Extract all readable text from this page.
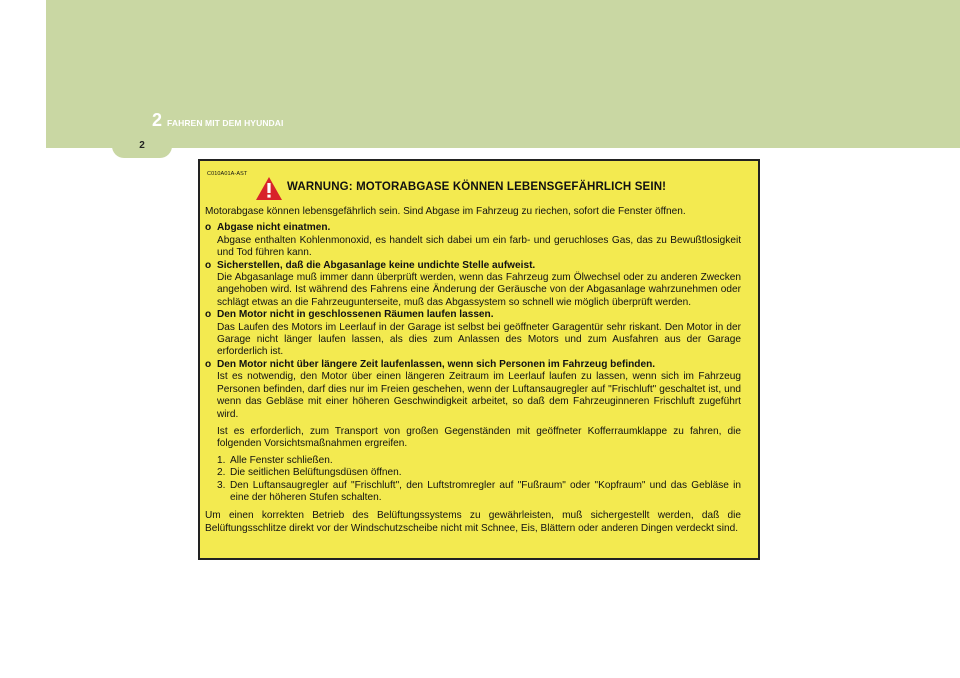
2 FAHREN MIT DEM HYUNDAI
2
C010A01A-AST
WARNUNG: MOTORABGASE KÖNNEN LEBENSGEFÄHRLICH SEIN!

Motorabgase können lebensgefährlich sein. Sind Abgase im Fahrzeug zu riechen, sofort die Fenster öffnen.

o Abgase nicht einatmen.

Abgase enthalten Kohlenmonoxid, es handelt sich dabei um ein farb- und geruchloses Gas, das zu Bewußtlosigkeit und Tod führen kann.

o Sicherstellen, daß die Abgasanlage keine undichte Stelle aufweist.

Die Abgasanlage muß immer dann überprüft werden, wenn das Fahrzeug zum Ölwechsel oder zu anderen Zwecken angehoben wird. Ist während des Fahrens eine Änderung der Geräusche von der Abgasanlage wahrzunehmen oder schlägt etwas an die Fahrzeugunterseite, muß das Abgassystem so schnell wie möglich überprüft werden.

o Den Motor nicht in geschlossenen Räumen laufen lassen.

Das Laufen des Motors im Leerlauf in der Garage ist selbst bei geöffneter Garagentür sehr riskant. Den Motor in der Garage nicht länger laufen lassen, als dies zum Anlassen des Motors und zum Ausfahren aus der Garage erforderlich ist.

o Den Motor nicht über längere Zeit laufenlassen, wenn sich Personen im Fahrzeug befinden.

Ist es notwendig, den Motor über einen längeren Zeitraum im Leerlauf laufen zu lassen, wenn sich im Fahrzeug Personen befinden, darf dies nur im Freien geschehen, wenn der Luftansaugregler auf "Frischluft" geschaltet ist, und wenn das Gebläse mit einer höheren Geschwindigkeit arbeitet, so daß dem Fahrzeuginneren Frischluft zugeführt wird.

Ist es erforderlich, zum Transport von großen Gegenständen mit geöffneter Kofferraumklappe zu fahren, die folgenden Vorsichtsmaßnahmen ergreifen.

1. Alle Fenster schließen.
2. Die seitlichen Belüftungsdüsen öffnen.
3. Den Luftansaugregler auf "Frischluft", den Luftstromregler auf "Fußraum" oder "Kopfraum" und das Gebläse in eine der höheren Stufen schalten.

Um einen korrekten Betrieb des Belüftungssystems zu gewährleisten, muß sichergestellt werden, daß die Belüftungsschlitze direkt vor der Windschutzscheibe nicht mit Schnee, Eis, Blättern oder anderen Dingen verdeckt sind.
